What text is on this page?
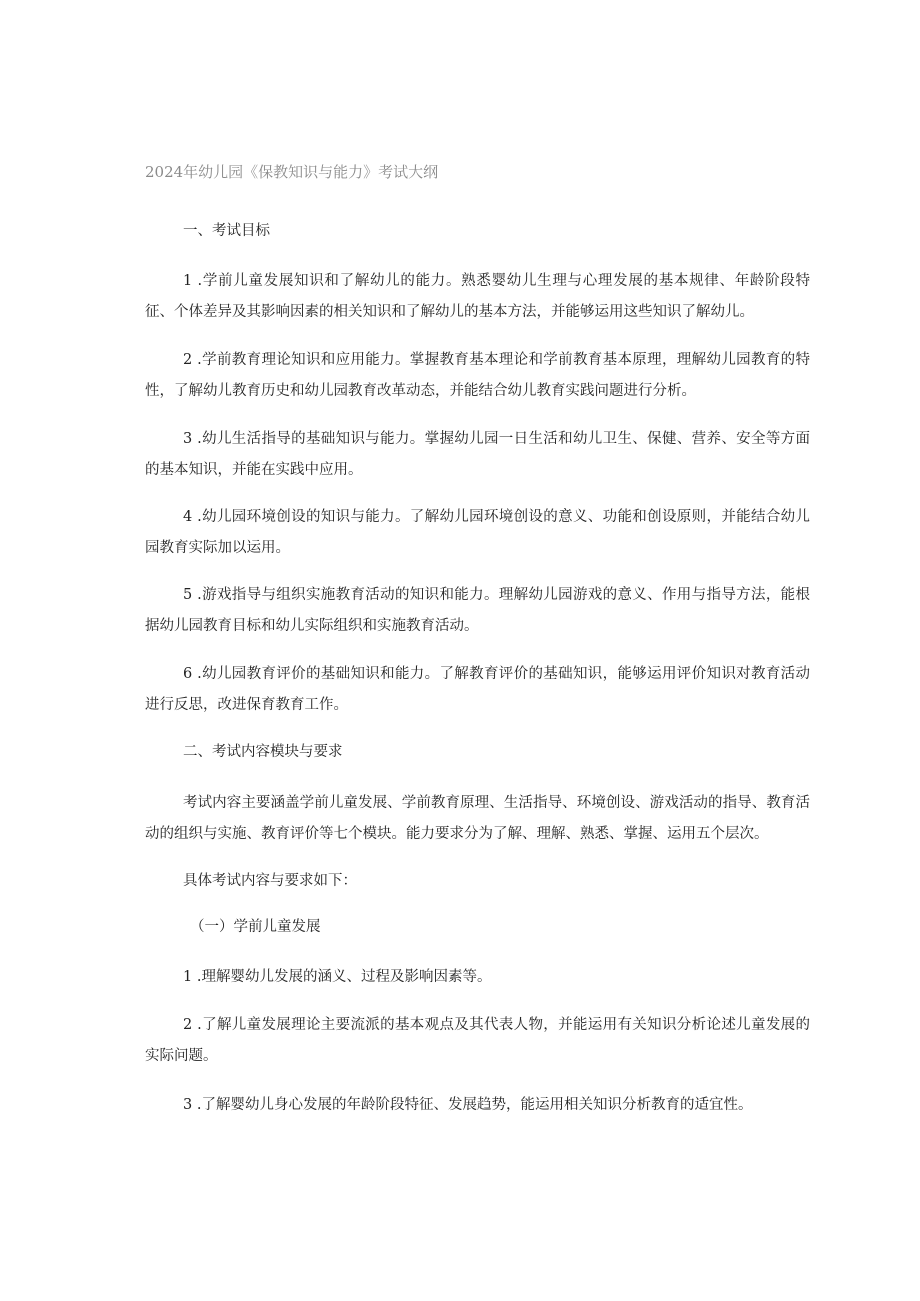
2024年幼儿园《保教知识与能力》考试大纲
一、考试目标
1 .学前儿童发展知识和了解幼儿的能力。熟悉婴幼儿生理与心理发展的基本规律、年龄阶段特征、个体差异及其影响因素的相关知识和了解幼儿的基本方法，并能够运用这些知识了解幼儿。
2 .学前教育理论知识和应用能力。掌握教育基本理论和学前教育基本原理，理解幼儿园教育的特性，了解幼儿教育历史和幼儿园教育改革动态，并能结合幼儿教育实践问题进行分析。
3 .幼儿生活指导的基础知识与能力。掌握幼儿园一日生活和幼儿卫生、保健、营养、安全等方面的基本知识，并能在实践中应用。
4 .幼儿园环境创设的知识与能力。了解幼儿园环境创设的意义、功能和创设原则，并能结合幼儿园教育实际加以运用。
5 .游戏指导与组织实施教育活动的知识和能力。理解幼儿园游戏的意义、作用与指导方法，能根据幼儿园教育目标和幼儿实际组织和实施教育活动。
6 .幼儿园教育评价的基础知识和能力。了解教育评价的基础知识，能够运用评价知识对教育活动进行反思，改进保育教育工作。
二、考试内容模块与要求
考试内容主要涵盖学前儿童发展、学前教育原理、生活指导、环境创设、游戏活动的指导、教育活动的组织与实施、教育评价等七个模块。能力要求分为了解、理解、熟悉、掌握、运用五个层次。
具体考试内容与要求如下：
（一）学前儿童发展
1 .理解婴幼儿发展的涵义、过程及影响因素等。
2 .了解儿童发展理论主要流派的基本观点及其代表人物，并能运用有关知识分析论述儿童发展的实际问题。
3 .了解婴幼儿身心发展的年龄阶段特征、发展趋势，能运用相关知识分析教育的适宜性。
